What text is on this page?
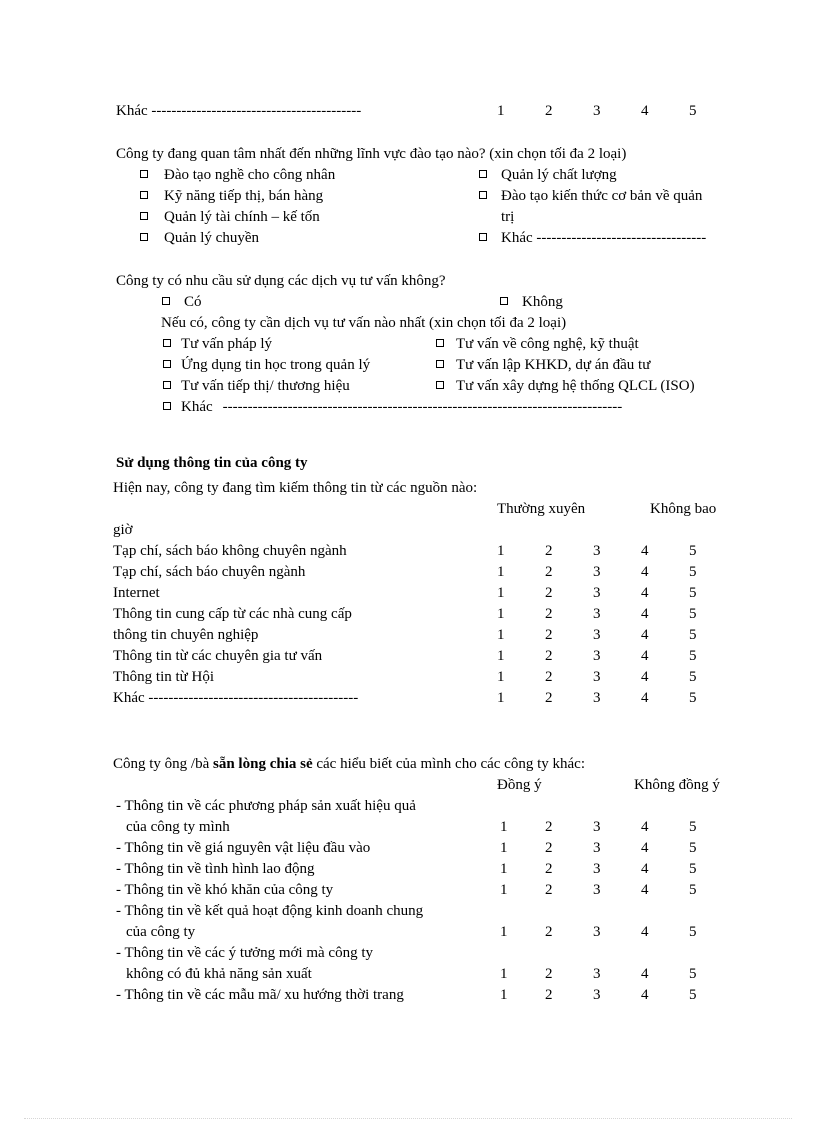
Khác ------------------------------------------	1	2	3	4	5
Công ty đang quan tâm nhất đến những lĩnh vực đào tạo nào? (xin chọn tối đa 2 loại)
Đào tạo nghề cho công nhân
Kỹ năng tiếp thị, bán hàng
Quản lý tài chính – kế tốn
Quản lý chuyền
Quản lý chất lượng
Đào tạo kiến thức cơ bản về quản
trị
Khác ----------------------------------
Công ty có nhu cầu sử dụng các dịch vụ tư vấn không?
Có	Không
Nếu có, công ty cần dịch vụ tư vấn nào nhất (xin chọn tối đa 2 loại)
Tư vấn pháp lý
Ứng dụng tin học trong quản lý
Tư vấn tiếp thị/ thương hiệu
Khác --------------------------------------------------------------------------------
Tư vấn về công nghệ, kỹ thuật
Tư vấn lập KHKD, dự án đầu tư
Tư vấn xây dựng hệ thống QLCL (ISO)
Sử dụng thông tin của công ty
Hiện nay, công ty đang tìm kiếm thông tin từ các nguồn nào:
Thường xuyên	Không bao
giờ
Tạp chí, sách báo không chuyên ngành	1	2	3	4	5
Tạp chí, sách báo chuyên ngành	1	2	3	4	5
Internet	1	2	3	4	5
Thông tin cung cấp từ các nhà cung cấp	1	2	3	4	5
thông tin chuyên nghiệp	1	2	3	4	5
Thông tin từ các chuyên gia tư vấn	1	2	3	4	5
Thông tin từ Hội	1	2	3	4	5
Khác ------------------------------------------	1	2	3	4	5
Công ty ông /bà sẵn lòng chia sẻ các hiểu biết của mình cho các công ty khác:
Đồng ý	Không đồng ý
- Thông tin về các phương pháp sản xuất hiệu quả
của công ty mình	1	2	3	4	5
- Thông tin về giá nguyên vật liệu đầu vào	1	2	3	4	5
- Thông tin về tình hình lao động	1	2	3	4	5
- Thông tin về khó khăn của công ty	1	2	3	4	5
- Thông tin về kết quả hoạt động kinh doanh chung
của công ty	1	2	3	4	5
- Thông tin về các ý tưởng mới mà công ty
không có đủ khả năng sản xuất	1	2	3	4	5
- Thông tin về các mẫu mã/ xu hướng thời trang	1	2	3	4	5
